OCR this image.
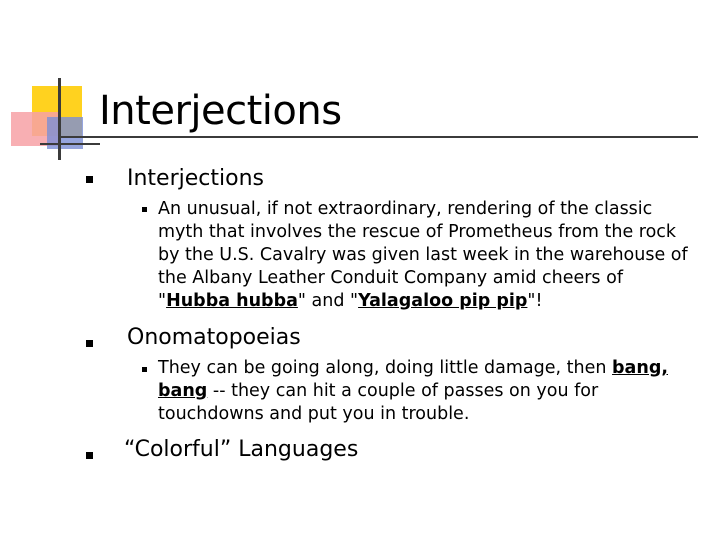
Interjections
Interjections
An unusual, if not extraordinary, rendering of the classic myth that involves the rescue of Prometheus from the rock by the U.S. Cavalry was given last week in the warehouse of the Albany Leather Conduit Company amid cheers of "Hubba hubba" and "Yalagaloo pip pip"!
Onomatopoeias
They can be going along, doing little damage, then bang, bang -- they can hit a couple of passes on you for touchdowns and put you in trouble.
“Colorful” Languages
